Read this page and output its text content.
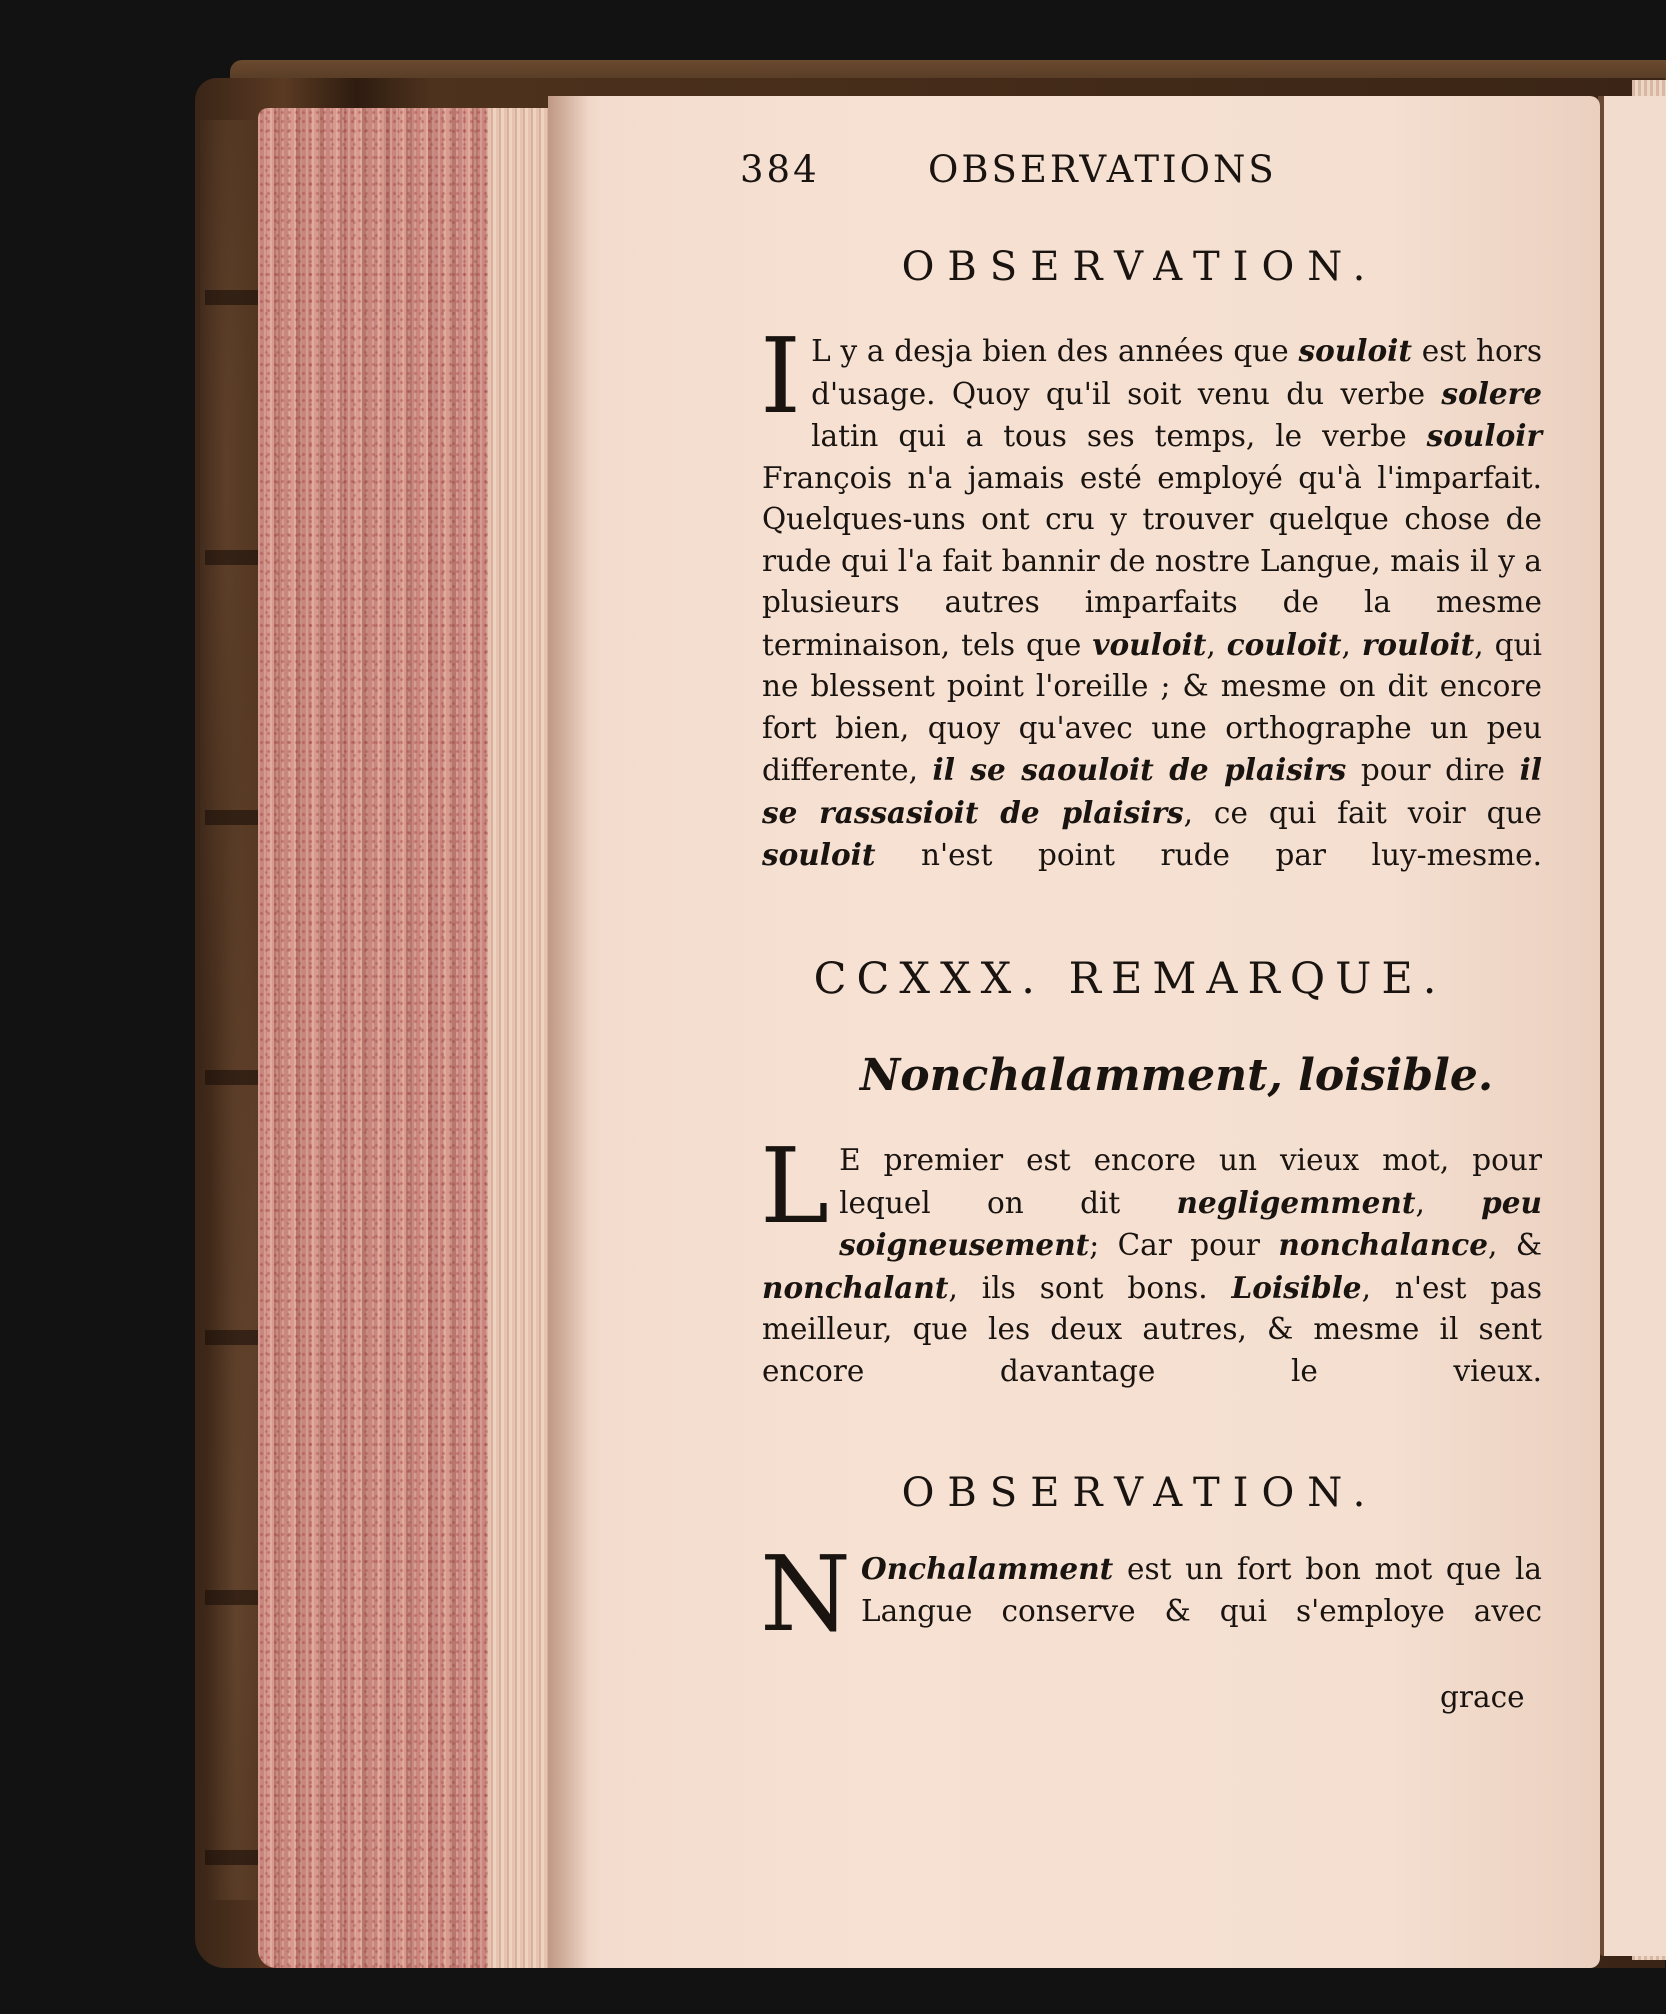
384	OBSERVATIONS
OBSERVATION.
I L y a desja bien des années que souloit est hors d'usage. Quoy qu'il soit venu du verbe solere latin qui a tous ses temps, le verbe souloir François n'a jamais esté employé qu'à l'imparfait. Quelques-uns ont cru y trouver quelque chose de rude qui l'a fait bannir de nostre Langue, mais il y a plusieurs autres imparfaits de la mesme terminaison, tels que vouloit, couloit, rouloit, qui ne blessent point l'oreille ; & mesme on dit encore fort bien, quoy qu'avec une orthographe un peu differente, il se saouloit de plaisirs pour dire il se rassasioit de plaisirs, ce qui fait voir que souloit n'est point rude par luy-mesme.
CCXXX. REMARQUE.
Nonchalamment, loisible.
L E premier est encore un vieux mot, pour lequel on dit negligemment, peu soigneusement; Car pour nonchalance, & nonchalant, ils sont bons. Loisible, n'est pas meilleur, que les deux autres, & mesme il sent encore davantage le vieux.
OBSERVATION.
N Onchalamment est un fort bon mot que la Langue conserve & qui s'employe avec
grace
